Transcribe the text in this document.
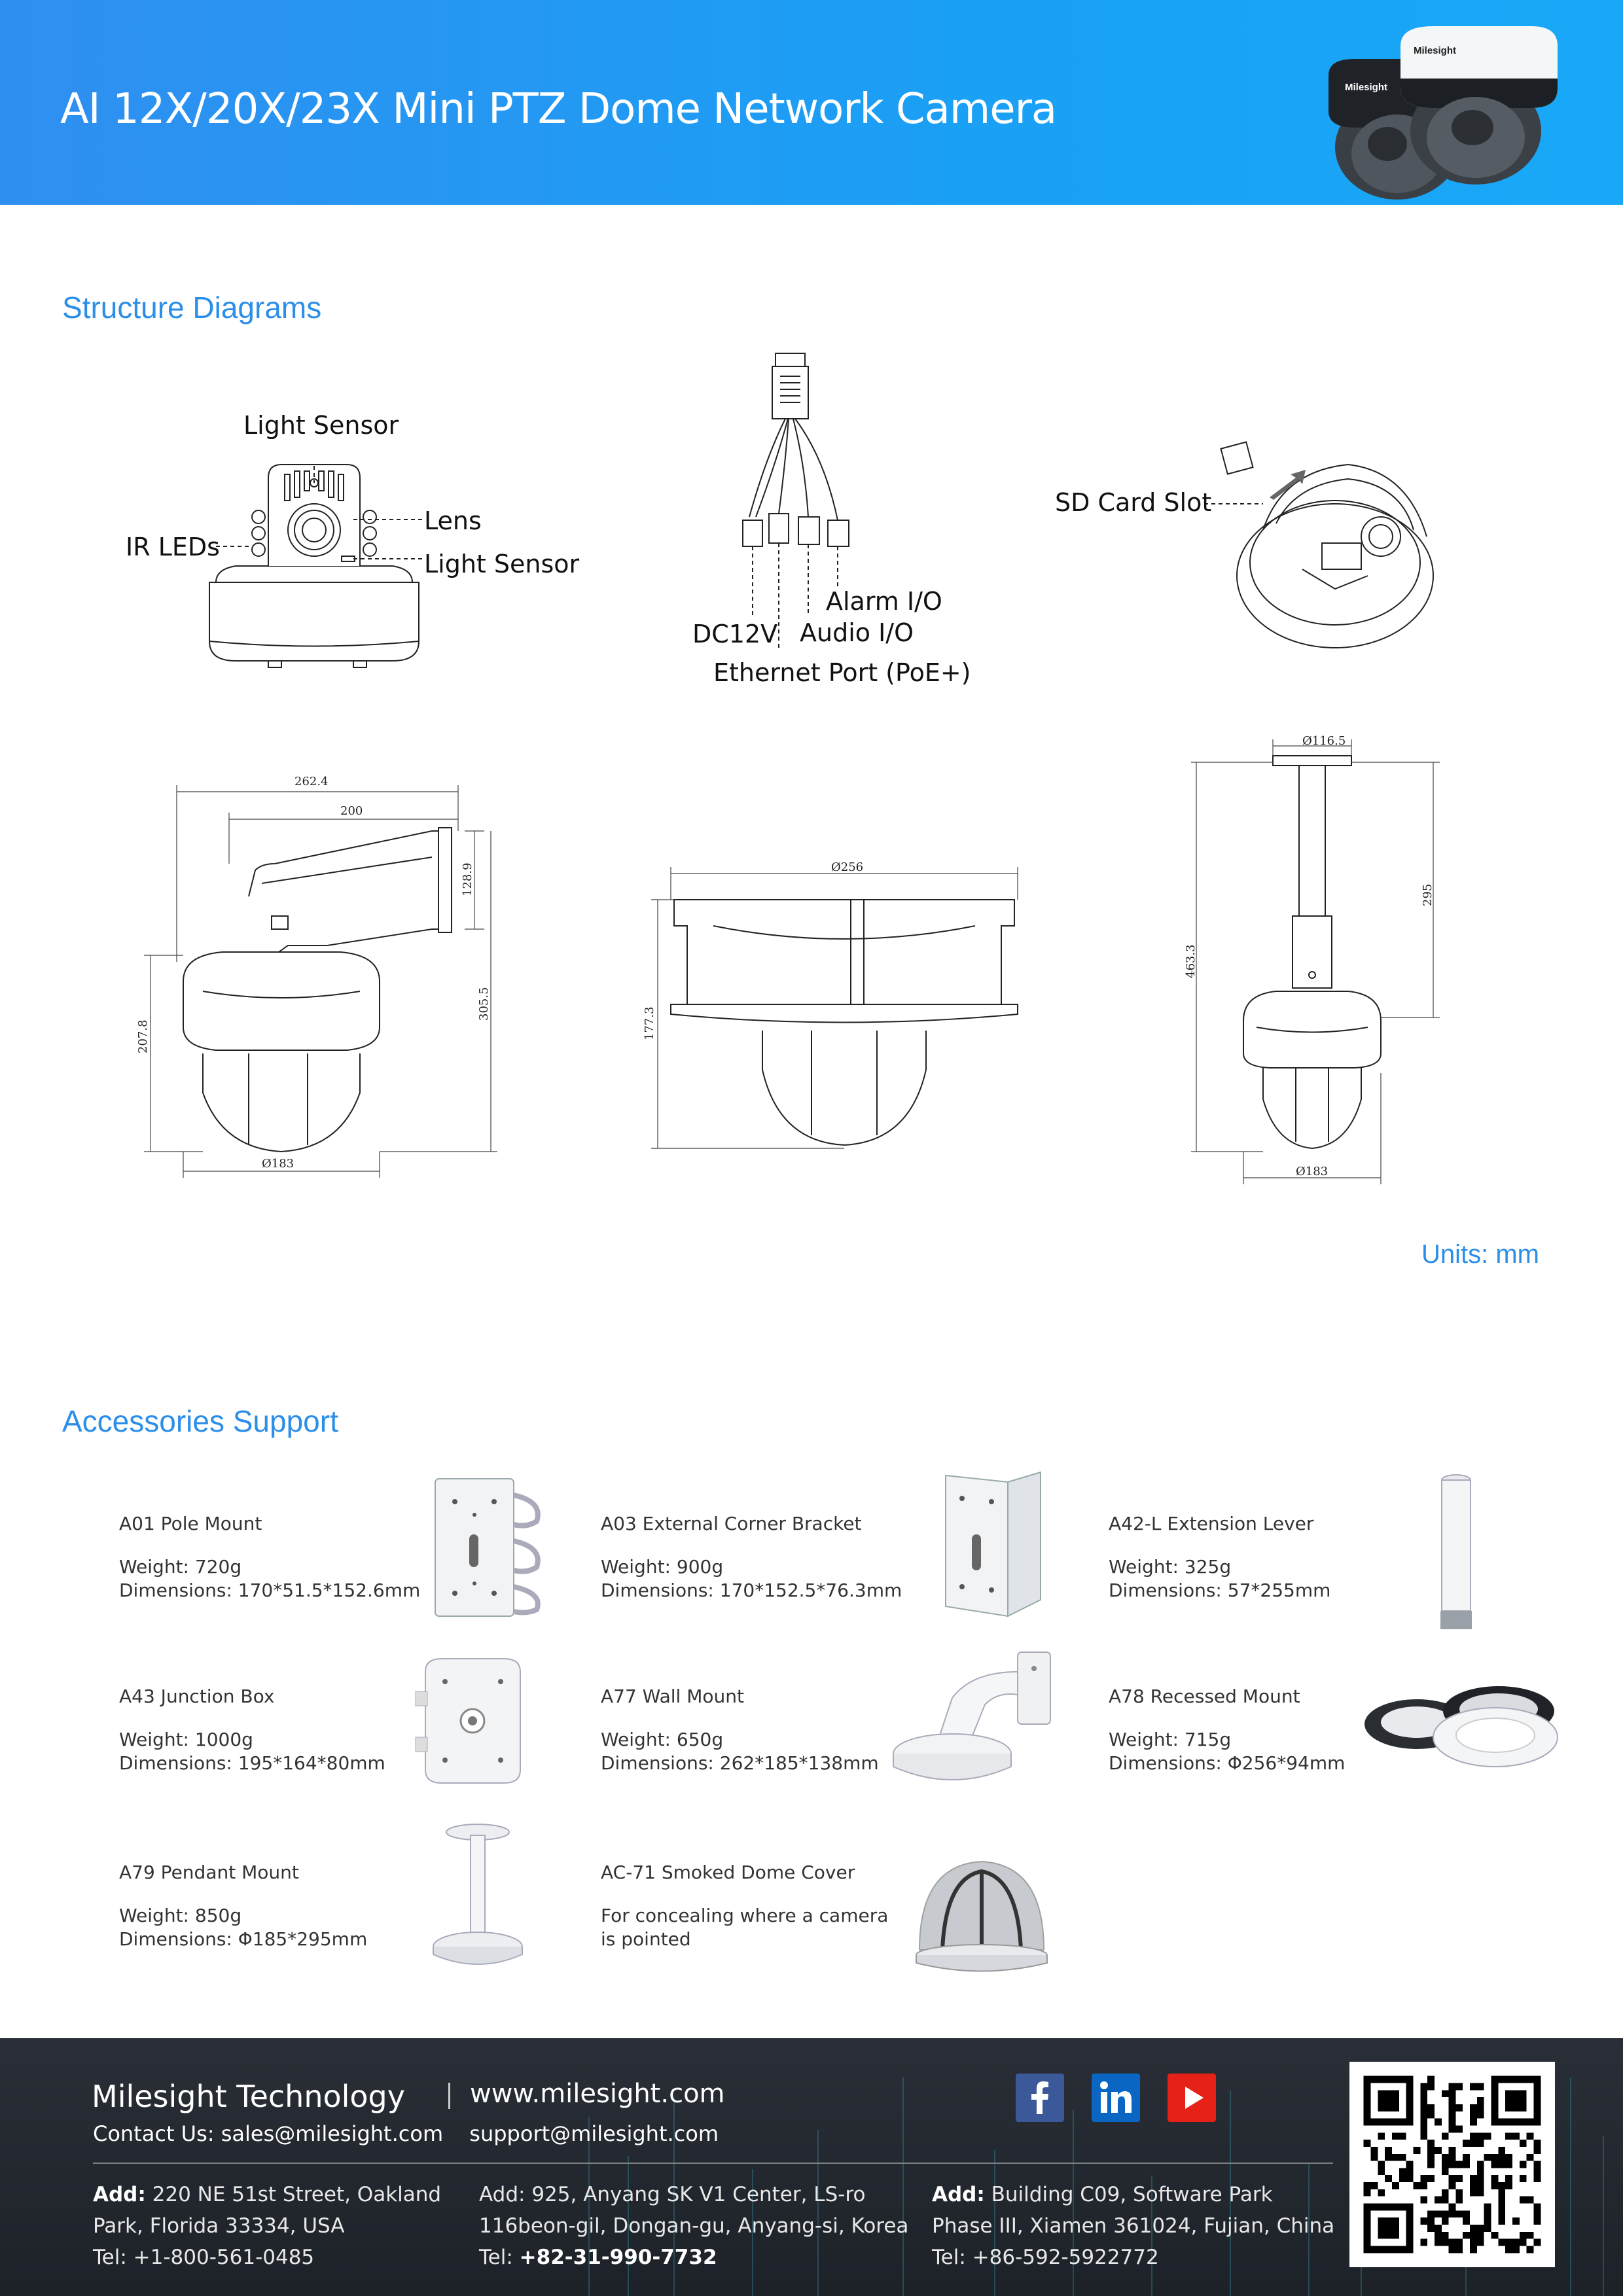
AI 12X/20X/23X Mini PTZ Dome Network Camera	Milesight
Milesight
Structure Diagrams
Light Sensor
Lens
IR LEDs
Light Sensor
Alarm I/O
DC12V Audio I/O
Ethernet Port (PoE+)
SD Card Slot
262.4
200
128.9
305.5
207.8
Ø183
Ø256
177.3
Ø116.5
295
463.3
Ø183
Units: mm
Accessories Support
A01 Pole Mount
Weight: 720g
Dimensions: 170*51.5*152.6mm
A03 External Corner Bracket
Weight: 900g
Dimensions: 170*152.5*76.3mm
A42-L Extension Lever
Weight: 325g
Dimensions: 57*255mm
A43 Junction Box
Weight: 1000g
Dimensions: 195*164*80mm
A77 Wall Mount
Weight: 650g
Dimensions: 262*185*138mm
A78 Recessed Mount
Weight: 715g
Dimensions: Φ256*94mm
A79 Pendant Mount
Weight: 850g
Dimensions: Φ185*295mm
AC-71 Smoked Dome Cover
For concealing where a camera
is pointed
Milesight Technology www.milesight.com
Contact Us: sales@milesight.com support@milesight.com
Add: 220 NE 51st Street, Oakland
Park, Florida 33334, USA
Tel: +1-800-561-0485
Add: 925, Anyang SK V1 Center, LS-ro
116beon-gil, Dongan-gu, Anyang-si, Korea
Tel: +82-31-990-7732
Add: Building C09, Software Park
Phase III, Xiamen 361024, Fujian, China
Tel: +86-592-5922772
